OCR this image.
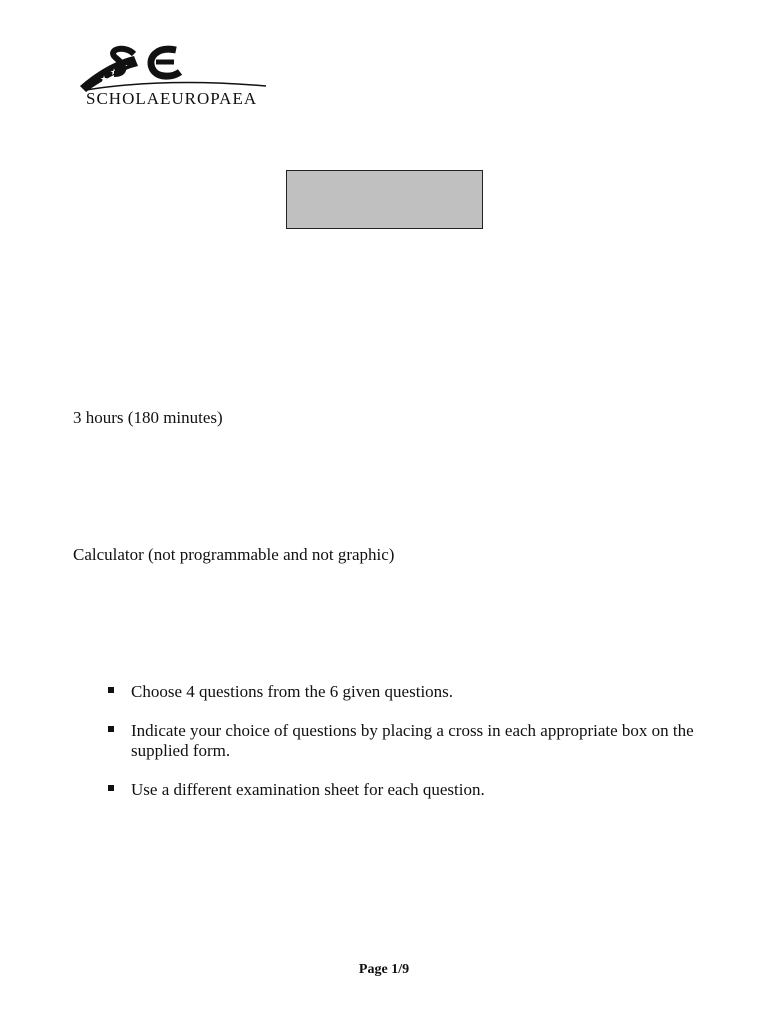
★
★
★
SCHOLAEUROPAEA
3 hours (180 minutes)
Calculator (not programmable and not graphic)
Choose 4 questions from the 6 given questions.
Indicate your choice of questions by placing a cross in each appropriate box on the supplied form.
Use a different examination sheet for each question.
Page 1/9
